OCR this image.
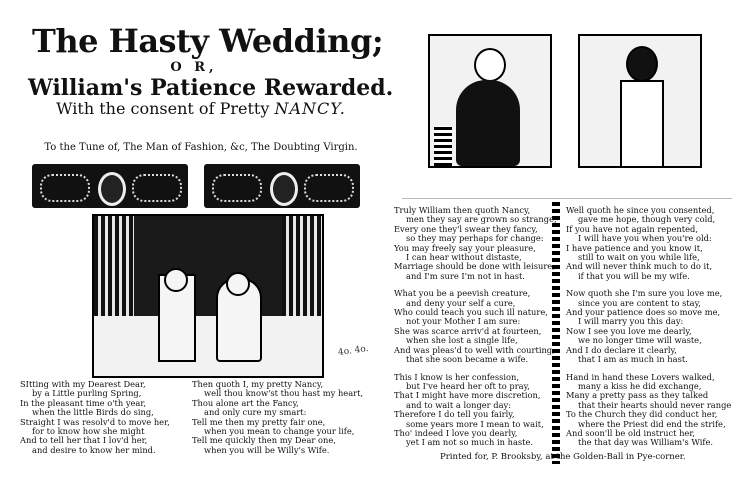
The Hasty Wedding;
O R,
William's Patience Rewarded.
With the consent of Pretty NANCY.
To the Tune of, The Man of Fashion, &c, The Doubting Virgin.
4o. 4o.
SItting with my Dearest Dear,
by a Little purling Spring,
In the pleasant time o'th year,
when the little Birds do sing,
Straight I was resolv'd to move her,
for to know how she might
And to tell her that I lov'd her,
and desire to know her mind.
Then quoth I, my pretty Nancy,
well thou know'st thou hast my heart,
Thou alone art the Fancy,
and only cure my smart:
Tell me then my pretty fair one,
when you mean to change your life,
Tell me quickly then my Dear one,
when you will be Willy's Wife.
Truly William then quoth Nancy,
men they say are grown so strange,
Every one they'l swear they fancy,
so they may perhaps for change:
You may freely say your pleasure,
I can hear without distaste,
Marriage should be done with leisure,
and I'm sure I'm not in hast.
What you be a peevish creature,
and deny your self a cure,
Who could teach you such ill nature,
not your Mother I am sure:
She was scarce arriv'd at fourteen,
when she lost a single life,
And was pleas'd to well with courting,
that she soon became a wife.
This I know is her confession,
but I've heard her oft to pray,
That I might have more discretion,
and to wait a longer day:
Therefore I do tell you fairly,
some years more I mean to wait,
Tho' indeed I love you dearly,
yet I am not so much in haste.
Well quoth he since you consented,
gave me hope, though very cold,
If you have not again repented,
I will have you when you're old:
I have patience and you know it,
still to wait on you while life,
And will never think much to do it,
if that you will be my wife.
Now quoth she I'm sure you love me,
since you are content to stay,
And your patience does so move me,
I will marry you this day:
Now I see you love me dearly,
we no longer time will waste,
And I do declare it clearly,
that I am as much in hast.
Hand in hand these Lovers walked,
many a kiss he did exchange,
Many a pretty pass as they talked
that their hearts should never range
To the Church they did conduct her,
where the Priest did end the strife,
And soon'll be old instruct her,
the that day was William's Wife.
Printed for, P. Brooksby, at the Golden-Ball in Pye-corner.
